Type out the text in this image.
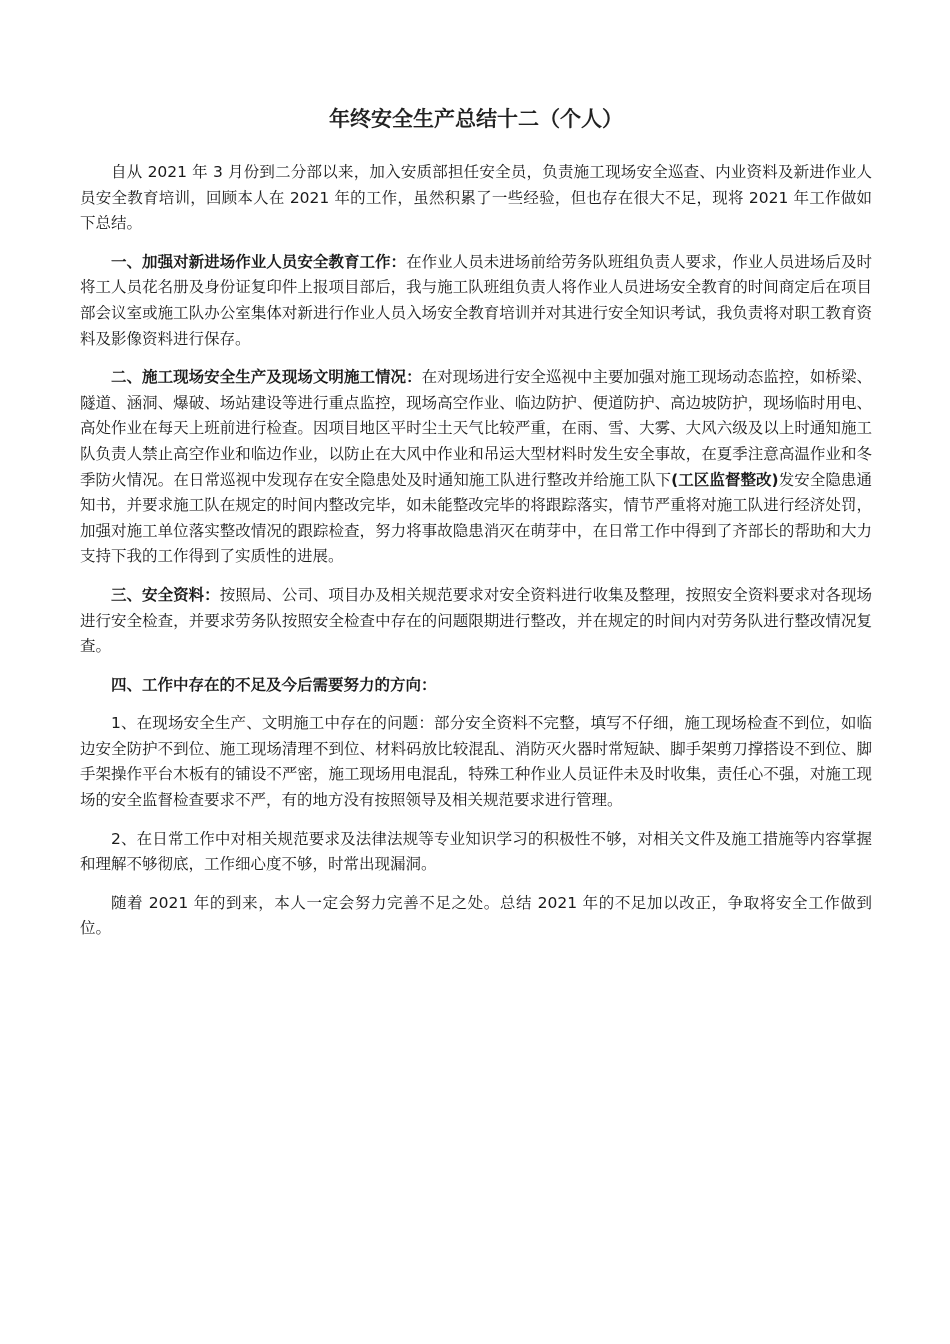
年终安全生产总结十二（个人）

自从 2021 年 3 月份到二分部以来，加入安质部担任安全员，负责施工现场安全巡查、内业资料及新进作业人员安全教育培训，回顾本人在 2021 年的工作，虽然积累了一些经验，但也存在很大不足，现将 2021 年工作做如下总结。

一、加强对新进场作业人员安全教育工作：在作业人员未进场前给劳务队班组负责人要求，作业人员进场后及时将工人员花名册及身份证复印件上报项目部后，我与施工队班组负责人将作业人员进场安全教育的时间商定后在项目部会议室或施工队办公室集体对新进行作业人员入场安全教育培训并对其进行安全知识考试，我负责将对职工教育资料及影像资料进行保存。

二、施工现场安全生产及现场文明施工情况：在对现场进行安全巡视中主要加强对施工现场动态监控，如桥梁、隧道、涵洞、爆破、场站建设等进行重点监控，现场高空作业、临边防护、便道防护、高边坡防护，现场临时用电、高处作业在每天上班前进行检查。因项目地区平时尘土天气比较严重，在雨、雪、大雾、大风六级及以上时通知施工队负责人禁止高空作业和临边作业，以防止在大风中作业和吊运大型材料时发生安全事故，在夏季注意高温作业和冬季防火情况。在日常巡视中发现存在安全隐患处及时通知施工队进行整改并给施工队下(工区监督整改)发安全隐患通知书，并要求施工队在规定的时间内整改完毕，如未能整改完毕的将跟踪落实，情节严重将对施工队进行经济处罚，加强对施工单位落实整改情况的跟踪检查，努力将事故隐患消灭在萌芽中，在日常工作中得到了齐部长的帮助和大力支持下我的工作得到了实质性的进展。

三、安全资料：按照局、公司、项目办及相关规范要求对安全资料进行收集及整理，按照安全资料要求对各现场进行安全检查，并要求劳务队按照安全检查中存在的问题限期进行整改，并在规定的时间内对劳务队进行整改情况复查。

四、工作中存在的不足及今后需要努力的方向：

1、在现场安全生产、文明施工中存在的问题：部分安全资料不完整，填写不仔细，施工现场检查不到位，如临边安全防护不到位、施工现场清理不到位、材料码放比较混乱、消防灭火器时常短缺、脚手架剪刀撑搭设不到位、脚手架操作平台木板有的铺设不严密，施工现场用电混乱，特殊工种作业人员证件未及时收集，责任心不强，对施工现场的安全监督检查要求不严，有的地方没有按照领导及相关规范要求进行管理。

2、在日常工作中对相关规范要求及法律法规等专业知识学习的积极性不够，对相关文件及施工措施等内容掌握和理解不够彻底，工作细心度不够，时常出现漏洞。

随着 2021 年的到来，本人一定会努力完善不足之处。总结 2021 年的不足加以改正，争取将安全工作做到位。
